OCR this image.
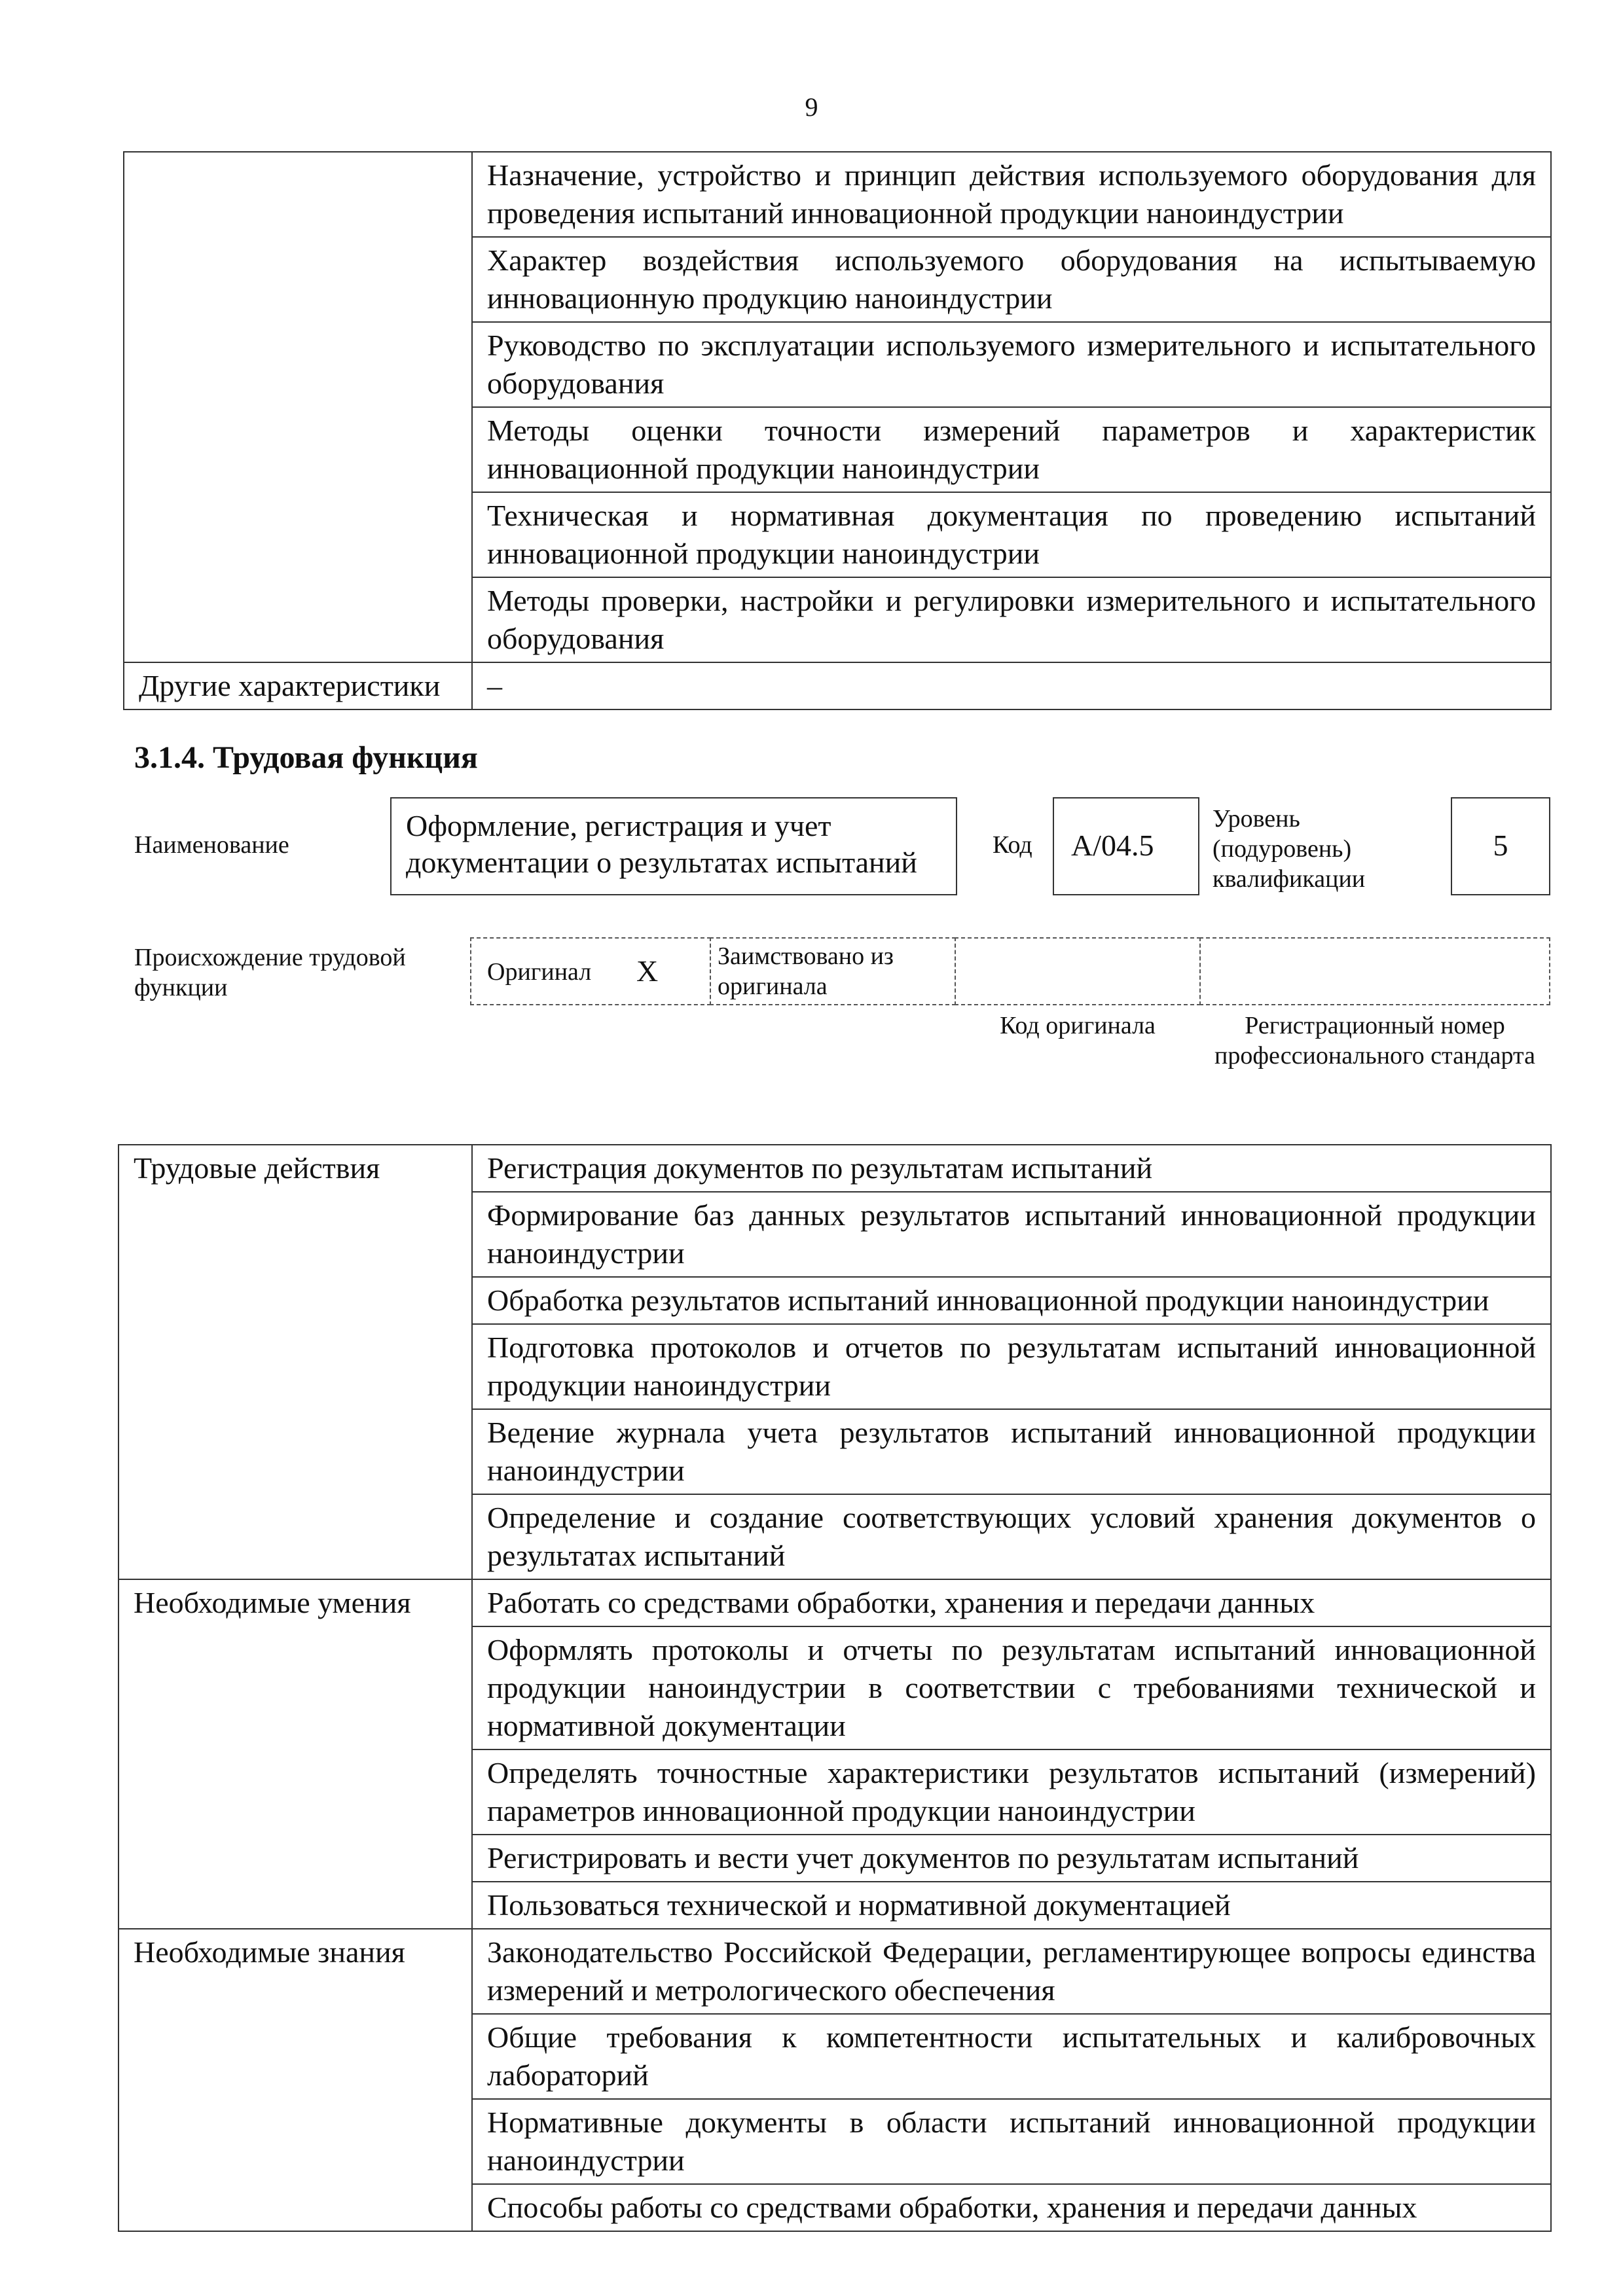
9
	Назначение, устройство и принцип действия используемого оборудования для проведения испытаний инновационной продукции наноиндустрии
	Характер воздействия используемого оборудования на испытываемую инновационную продукцию наноиндустрии
	Руководство по эксплуатации используемого измерительного и испытательного оборудования
	Методы оценки точности измерений параметров и характеристик инновационной продукции наноиндустрии
	Техническая и нормативная документация по проведению испытаний инновационной продукции наноиндустрии
	Методы проверки, настройки и регулировки измерительного и испытательного оборудования
Другие характеристики	–
3.1.4. Трудовая функция
Наименование
Оформление, регистрация и учет документации о результатах испытаний
Код A/04.5
Уровень (подуровень) квалификации
5
Происхождение трудовой функции
Оригинал X Заимствовано из оригинала
Код оригинала	Регистрационный номер профессионального стандарта
Трудовые действия	Регистрация документов по результатам испытаний
	Формирование баз данных результатов испытаний инновационной продукции наноиндустрии
	Обработка результатов испытаний инновационной продукции наноиндустрии
	Подготовка протоколов и отчетов по результатам испытаний инновационной продукции наноиндустрии
	Ведение журнала учета результатов испытаний инновационной продукции наноиндустрии
	Определение и создание соответствующих условий хранения документов о результатах испытаний
Необходимые умения	Работать со средствами обработки, хранения и передачи данных
	Оформлять протоколы и отчеты по результатам испытаний инновационной продукции наноиндустрии в соответствии с требованиями технической и нормативной документации
	Определять точностные характеристики результатов испытаний (измерений) параметров инновационной продукции наноиндустрии
	Регистрировать и вести учет документов по результатам испытаний
	Пользоваться технической и нормативной документацией
Необходимые знания	Законодательство Российской Федерации, регламентирующее вопросы единства измерений и метрологического обеспечения
	Общие требования к компетентности испытательных и калибровочных лабораторий
	Нормативные документы в области испытаний инновационной продукции наноиндустрии
	Способы работы со средствами обработки, хранения и передачи данных
